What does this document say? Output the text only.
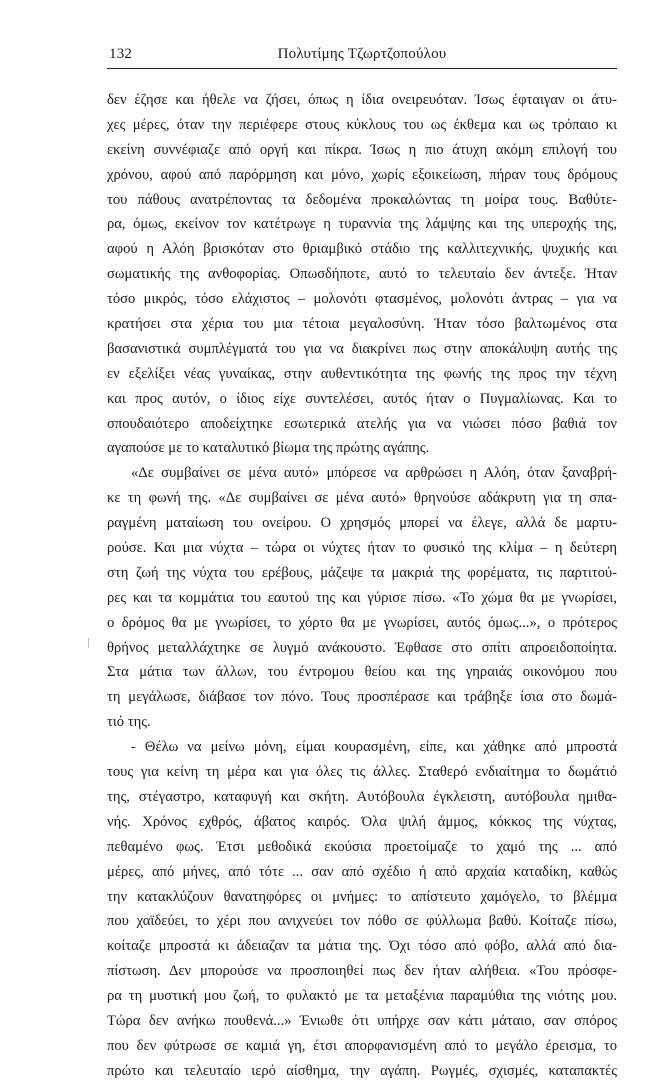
132	Πολυτίμης Τζωρτζοπούλου
δεν έζησε και ήθελε να ζήσει, όπως η ίδια ονειρευόταν. Ίσως έφταιγαν οι άτυ-
χες μέρες, όταν την περιέφερε στους κύκλους του ως έκθεμα και ως τρόπαιο κι
εκείνη συννέφιαζε από οργή και πίκρα. Ίσως η πιο άτυχη ακόμη επιλογή του
χρόνου, αφού από παρόρμηση και μόνο, χωρίς εξοικείωση, πήραν τους δρόμους
του πάθους ανατρέποντας τα δεδομένα προκαλώντας τη μοίρα τους. Βαθύτε-
ρα, όμως, εκείνον τον κατέτρωγε η τυραννία της λάμψης και της υπεροχής της,
αφού η Αλόη βρισκόταν στο θριαμβικό στάδιο της καλλιτεχνικής, ψυχικής και
σωματικής της ανθοφορίας. Οπωσδήποτε, αυτό το τελευταίο δεν άντεξε. Ήταν
τόσο μικρός, τόσο ελάχιστος – μολονότι φτασμένος, μολονότι άντρας – για να
κρατήσει στα χέρια του μια τέτοια μεγαλοσύνη. Ήταν τόσο βαλτωμένος στα
βασανιστικά συμπλέγματά του για να διακρίνει πως στην αποκάλυψη αυτής της
εν εξελίξει νέας γυναίκας, στην αυθεντικότητα της φωνής της προς την τέχνη
και προς αυτόν, ο ίδιος είχε συντελέσει, αυτός ήταν ο Πυγμαλίωνας. Και το
σπουδαιότερο αποδείχτηκε εσωτερικά ατελής για να νιώσει πόσο βαθιά τον
αγαπούσε με το καταλυτικό βίωμα της πρώτης αγάπης.
«Δε συμβαίνει σε μένα αυτό» μπόρεσε να αρθρώσει η Αλόη, όταν ξαναβρή-
κε τη φωνή της. «Δε συμβαίνει σε μένα αυτό» θρηνούσε αδάκρυτη για τη σπα-
ραγμένη ματαίωση του ονείρου. Ο χρησμός μπορεί να έλεγε, αλλά δε μαρτυ-
ρούσε. Και μια νύχτα – τώρα οι νύχτες ήταν το φυσικό της κλίμα – η δεύτερη
στη ζωή της νύχτα του ερέβους, μάζεψε τα μακριά της φορέματα, τις παρτιτού-
ρες και τα κομμάτια του εαυτού της και γύρισε πίσω. «Το χώμα θα με γνωρίσει,
ο δρόμος θα με γνωρίσει, το χόρτο θα με γνωρίσει, αυτός όμως...», ο πρότερος
θρήνος μεταλλάχτηκε σε λυγμό ανάκουστο. Έφθασε στο σπίτι απροειδοποίητα.
Στα μάτια των άλλων, του έντρομου θείου και της γηραιάς οικονόμου που
τη μεγάλωσε, διάβασε τον πόνο. Τους προσπέρασε και τράβηξε ίσια στο δωμά-
τιό της.
- Θέλω να μείνω μόνη, είμαι κουρασμένη, είπε, και χάθηκε από μπροστά
τους για κείνη τη μέρα και για όλες τις άλλες. Σταθερό ενδιαίτημα το δωμάτιό
της, στέγαστρο, καταφυγή και σκήτη. Αυτόβουλα έγκλειστη, αυτόβουλα ημιθα-
νής. Χρόνος εχθρός, άβατος καιρός. Όλα ψιλή άμμος, κόκκος της νύχτας,
πεθαμένο φως. Έτσι μεθοδικά εκούσια προετοίμαζε το χαμό της ... από
μέρες, από μήνες, από τότε ... σαν από σχέδιο ή από αρχαία καταδίκη, καθώς
την κατακλύζουν θανατηφόρες οι μνήμες: το απίστευτο χαμόγελο, το βλέμμα
που χαϊδεύει, το χέρι που ανιχνεύει τον πόθο σε φύλλωμα βαθύ. Κοίταζε πίσω,
κοίταζε μπροστά κι άδειαζαν τα μάτια της. Όχι τόσο από φόβο, αλλά από δια-
πίστωση. Δεν μπορούσε να προσποιηθεί πως δεν ήταν αλήθεια. «Του πρόσφε-
ρα τη μυστική μου ζωή, το φυλακτό με τα μεταξένια παραμύθια της νιότης μου.
Τώρα δεν ανήκω πουθενά...» Ένιωθε ότι υπήρχε σαν κάτι μάταιο, σαν σπόρος
που δεν φύτρωσε σε καμιά γη, έτσι απορφανισμένη από το μεγάλο έρεισμα, το
πρώτο και τελευταίο ιερό αίσθημα, την αγάπη. Ρωγμές, σχισμές, καταπακτές
